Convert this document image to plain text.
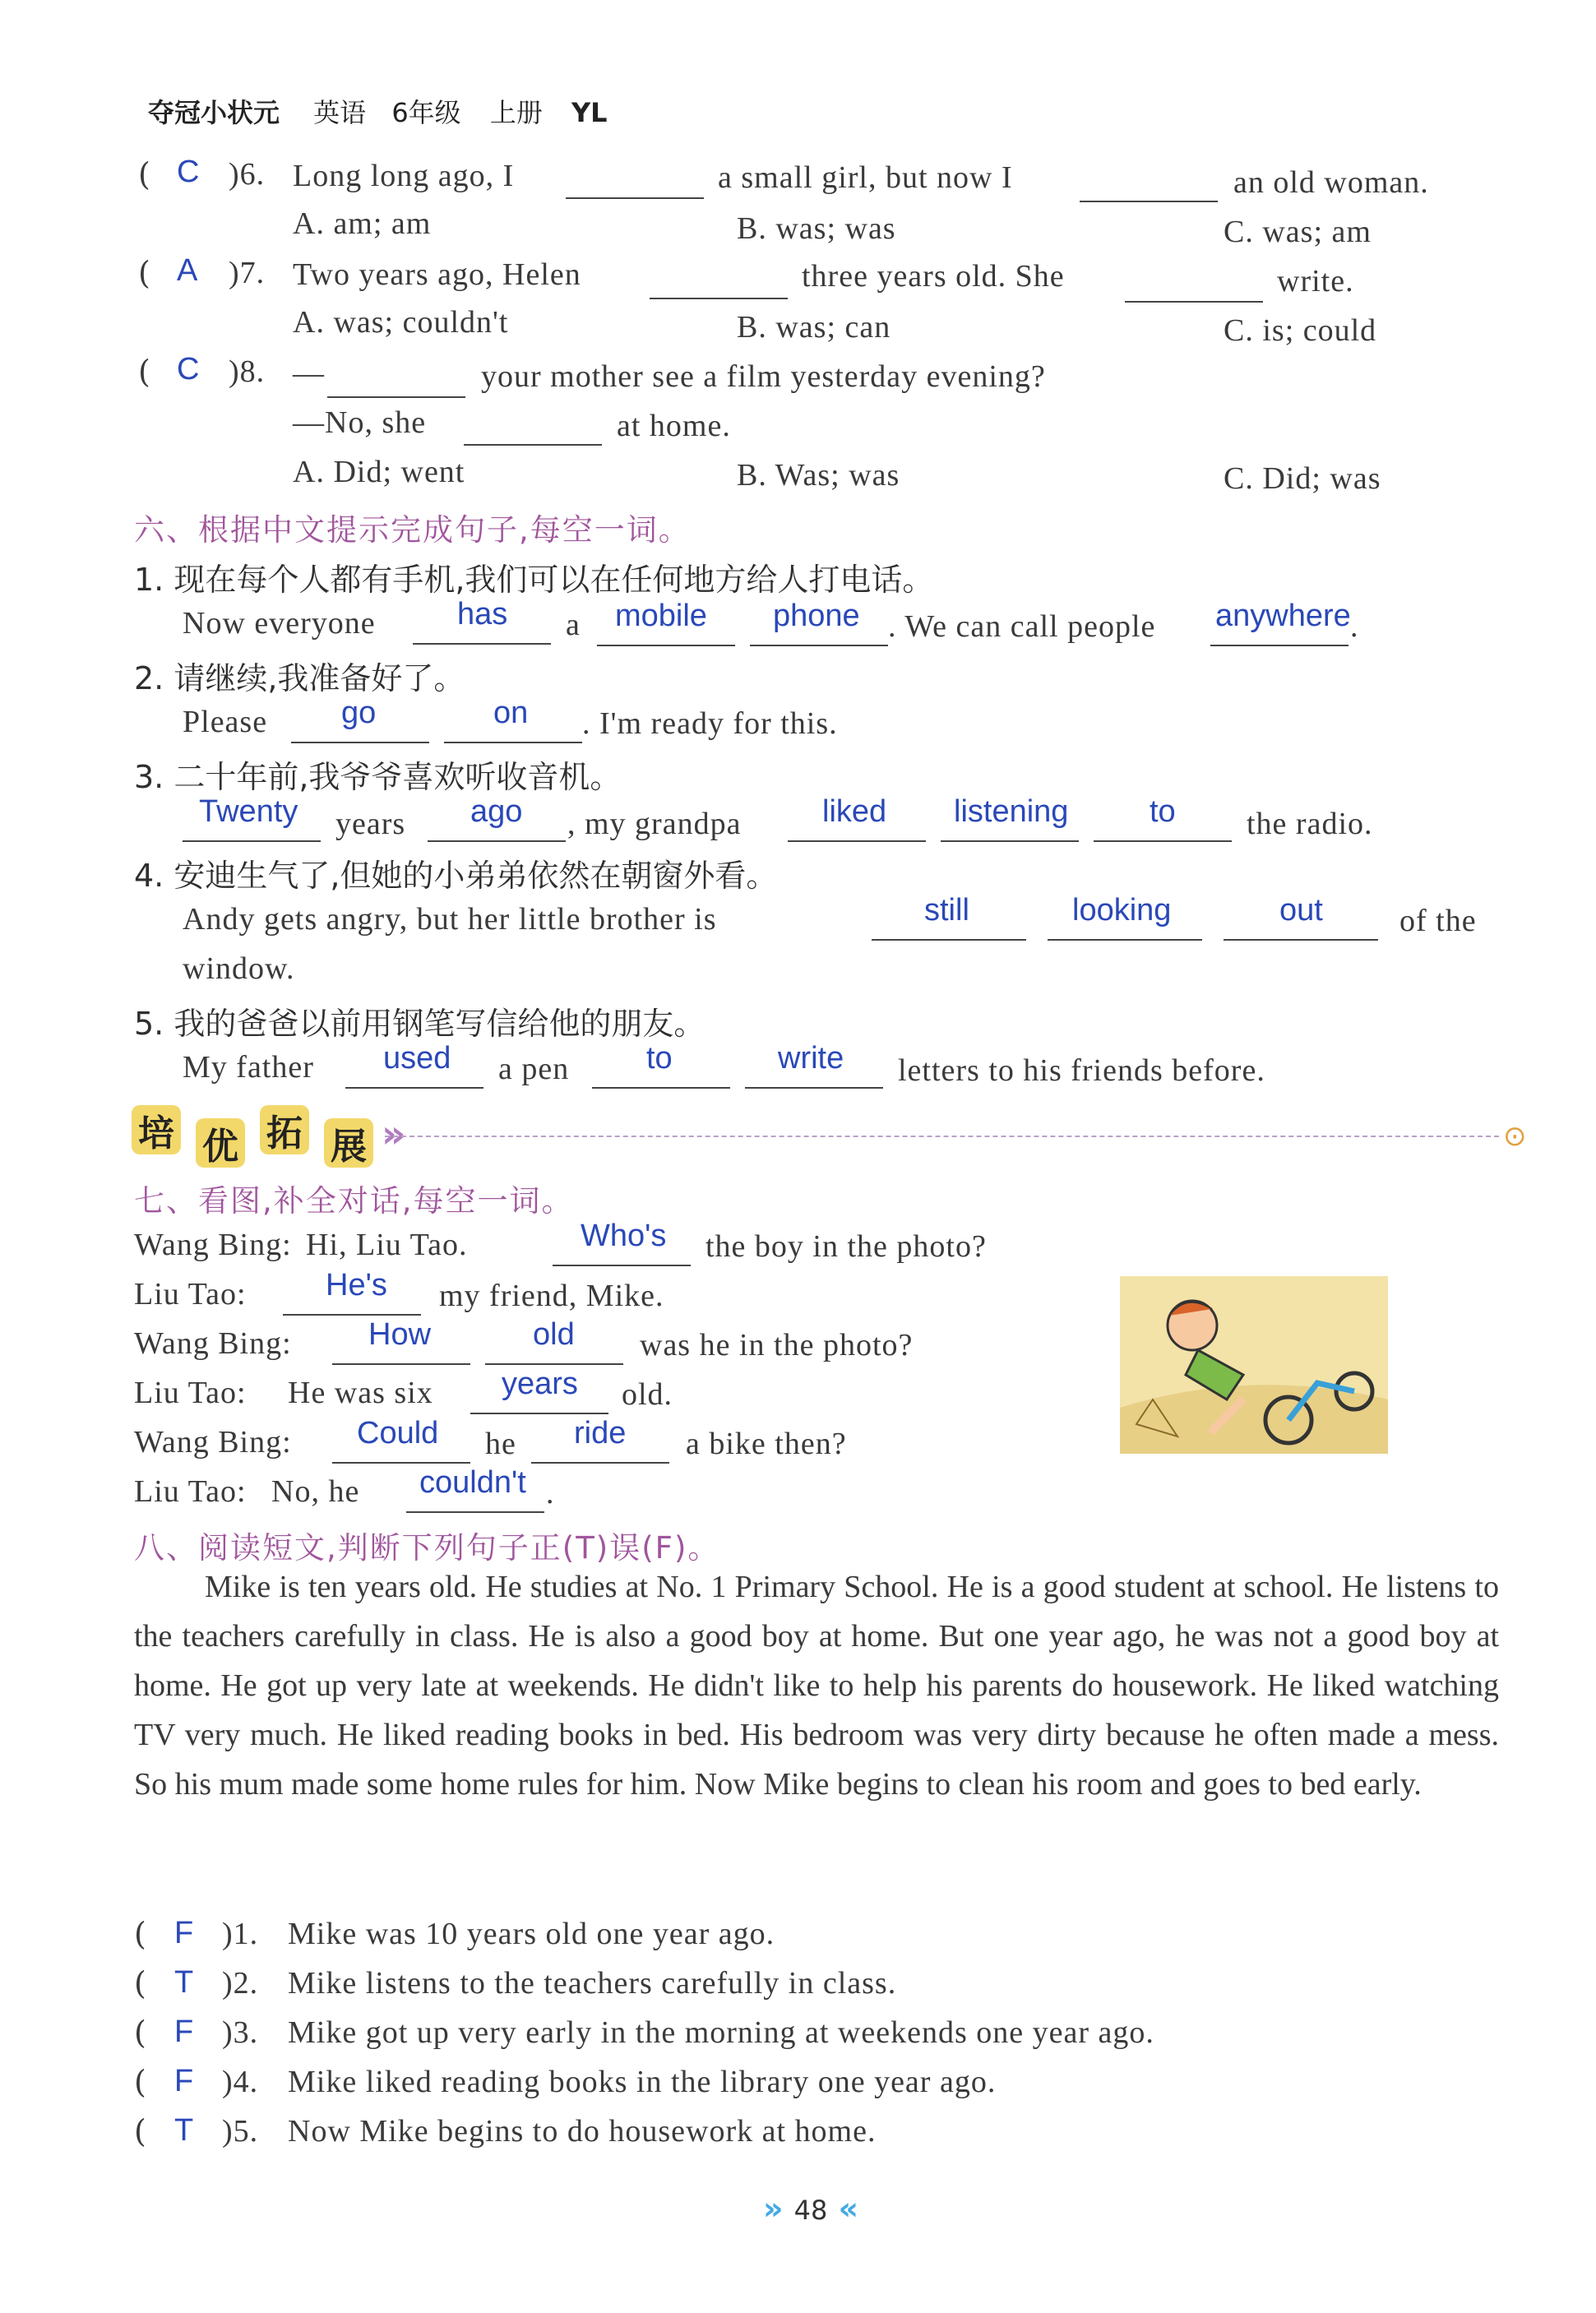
夺冠小状元 英语 6年级 上册 YL
( C )6. Long long ago, I	a small girl, but now I	an old woman.
A. am; am	B. was; was	C. was; am
( A )7. Two years ago, Helen	three years old. She	write.
A. was; couldn't	B. was; can	C. is; could
( C )8. —	your mother see a film yesterday evening?
—No, she	at home.
A. Did; went	B. Was; was	C. Did; was
六、根据中文提示完成句子,每空一词。
1. 现在每个人都有手机,我们可以在任何地方给人打电话。
Now everyone	has a mobile phone . We can call people anywhere .
2. 请继续,我准备好了。
Please go	on . I'm ready for this.
3. 二十年前,我爷爷喜欢听收音机。
Twenty years ago , my grandpa	liked listening	to the radio.
4. 安迪生气了,但她的小弟弟依然在朝窗外看。
Andy gets angry, but her little brother is	still	looking	out of the
window.
5. 我的爸爸以前用钢笔写信给他的朋友。
My father used a pen to	write letters to his friends before.
培 优 拓 展 »	⊙
七、看图,补全对话,每空一词。
Wang Bing: Hi, Liu Tao.	Who's the boy in the photo?
Liu Tao:	He's my friend, Mike.
Wang Bing: How	old was he in the photo?
Liu Tao: He was six years old.
Wang Bing: Could he ride a bike then?
Liu Tao: No, he couldn't .
八、阅读短文,判断下列句子正(T)误(F)。

Mike is ten years old. He studies at No. 1 Primary School. He is a good student at school. He listens to the teachers carefully in class. He is also a good boy at home. But one year ago, he was not a good boy at home. He got up very late at weekends. He didn't like to help his parents do housework. He liked watching TV very much. He liked reading books in bed. His bedroom was very dirty because he often made a mess. So his mum made some home rules for him. Now Mike begins to clean his room and goes to bed early.

( F )1. Mike was 10 years old one year ago.
( T )2. Mike listens to the teachers carefully in class.
( F )3. Mike got up very early in the morning at weekends one year ago.
( F )4. Mike liked reading books in the library one year ago.
( T )5. Now Mike begins to do housework at home.
» 48 «
